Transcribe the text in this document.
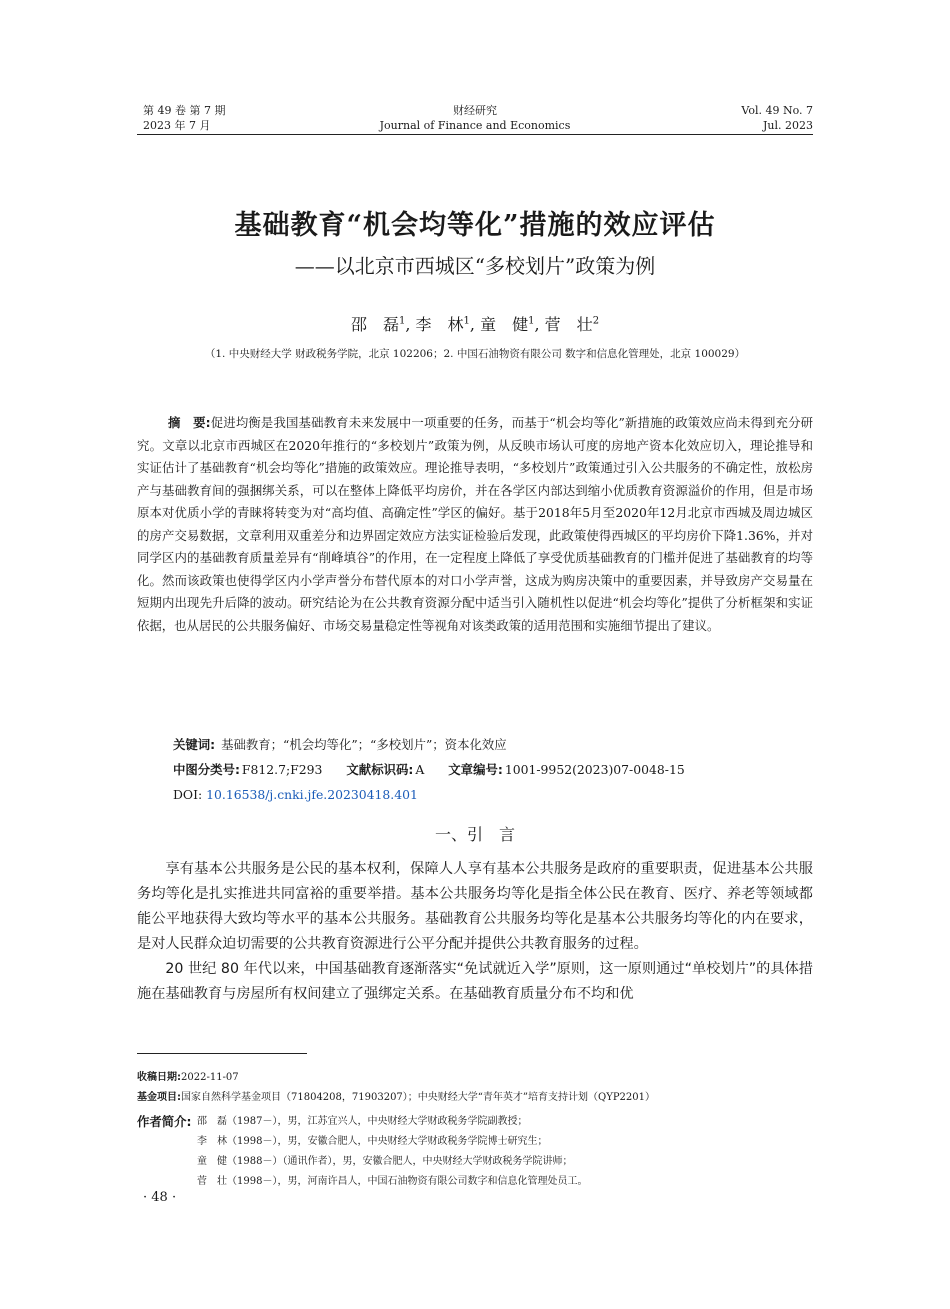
第 49 卷 第 7 期
2023 年 7 月
财经研究
Journal of Finance and Economics
Vol. 49 No. 7
Jul. 2023
基础教育“机会均等化”措施的效应评估
——以北京市西城区“多校划片”政策为例
邵　磊$^1$, 李　林$^1$, 童　健$^1$, 菅　壮$^2$
（1. 中央财经大学 财政税务学院，北京 102206；2. 中国石油物资有限公司 数字和信息化管理处，北京 100029）
摘　要:促进均衡是我国基础教育未来发展中一项重要的任务，而基于“机会均等化”新措施的政策效应尚未得到充分研究。文章以北京市西城区在2020年推行的“多校划片”政策为例，从反映市场认可度的房地产资本化效应切入，理论推导和实证估计了基础教育“机会均等化”措施的政策效应。理论推导表明，“多校划片”政策通过引入公共服务的不确定性，放松房产与基础教育间的强捆绑关系，可以在整体上降低平均房价，并在各学区内部达到缩小优质教育资源溢价的作用，但是市场原本对优质小学的青睐将转变为对“高均值、高确定性”学区的偏好。基于2018年5月至2020年12月北京市西城及周边城区的房产交易数据，文章利用双重差分和边界固定效应方法实证检验后发现，此政策使得西城区的平均房价下降1.36%，并对同学区内的基础教育质量差异有“削峰填谷”的作用，在一定程度上降低了享受优质基础教育的门槛并促进了基础教育的均等化。然而该政策也使得学区内小学声誉分布替代原本的对口小学声誉，这成为购房决策中的重要因素，并导致房产交易量在短期内出现先升后降的波动。研究结论为在公共教育资源分配中适当引入随机性以促进“机会均等化”提供了分析框架和实证依据，也从居民的公共服务偏好、市场交易量稳定性等视角对该类政策的适用范围和实施细节提出了建议。
关键词: 基础教育；“机会均等化”；“多校划片”；资本化效应
中图分类号: F812.7;F293 文献标识码: A 文章编号: 1001-9952(2023)07-0048-15
DOI: 10.16538/j.cnki.jfe.20230418.401
一、引　言

享有基本公共服务是公民的基本权利，保障人人享有基本公共服务是政府的重要职责，促进基本公共服务均等化是扎实推进共同富裕的重要举措。基本公共服务均等化是指全体公民在教育、医疗、养老等领域都能公平地获得大致均等水平的基本公共服务。基础教育公共服务均等化是基本公共服务均等化的内在要求，是对人民群众迫切需要的公共教育资源进行公平分配并提供公共教育服务的过程。

20 世纪 80 年代以来，中国基础教育逐渐落实“免试就近入学”原则，这一原则通过“单校划片”的具体措施在基础教育与房屋所有权间建立了强绑定关系。在基础教育质量分布不均和优

收稿日期:2022-11-07
基金项目:国家自然科学基金项目（71804208，71903207）；中央财经大学“青年英才”培育支持计划（QYP2201）
作者简介: 邵　磊（1987－），男，江苏宜兴人，中央财经大学财政税务学院副教授；
李　林（1998－），男，安徽合肥人，中央财经大学财政税务学院博士研究生；
童　健（1988－）（通讯作者），男，安徽合肥人，中央财经大学财政税务学院讲师；
菅　壮（1998－），男，河南许昌人，中国石油物资有限公司数字和信息化管理处员工。
· 48 ·
